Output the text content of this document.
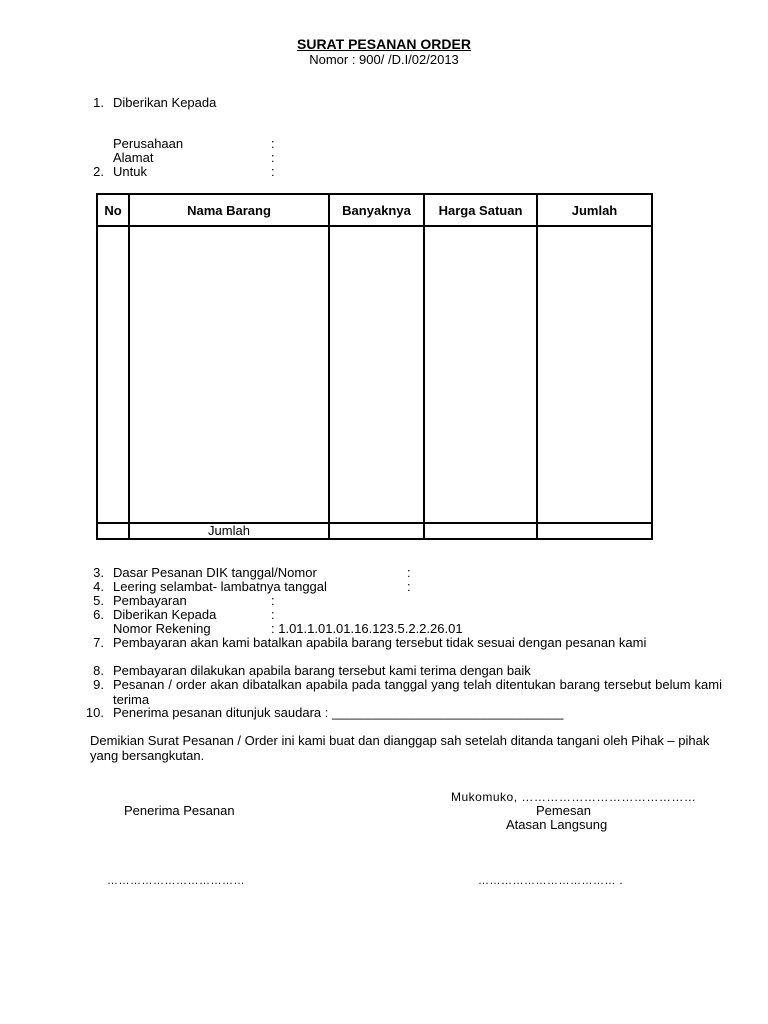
SURAT PESANAN ORDER
Nomor : 900/ /D.I/02/2013
1. Diberikan Kepada
Perusahaan	:
Alamat	:
2. Untuk	:
No	Nama Barang	Banyaknya	Harga Satuan	Jumlah

	Jumlah			
3. Dasar Pesanan DIK tanggal/Nomor	:
4. Leering selambat- lambatnya tanggal	:
5. Pembayaran	:
6. Diberikan Kepada	:
Nomor Rekening	: 1.01.1.01.01.16.123.5.2.2.26.01
7. Pembayaran akan kami batalkan apabila barang tersebut tidak sesuai dengan pesanan kami
8. Pembayaran dilakukan apabila barang tersebut kami terima dengan baik
9. Pesanan / order akan dibatalkan apabila pada tanggal yang telah ditentukan barang tersebut belum kami terima
10. Penerima pesanan ditunjuk saudara : ________________________________
Demikian Surat Pesanan / Order ini kami buat dan dianggap sah setelah ditanda tangani oleh Pihak – pihak yang bersangkutan.
Mukomuko, ……………………………………
Penerima Pesanan	Pemesan
Atasan Langsung
………………………………	……………………………… .
